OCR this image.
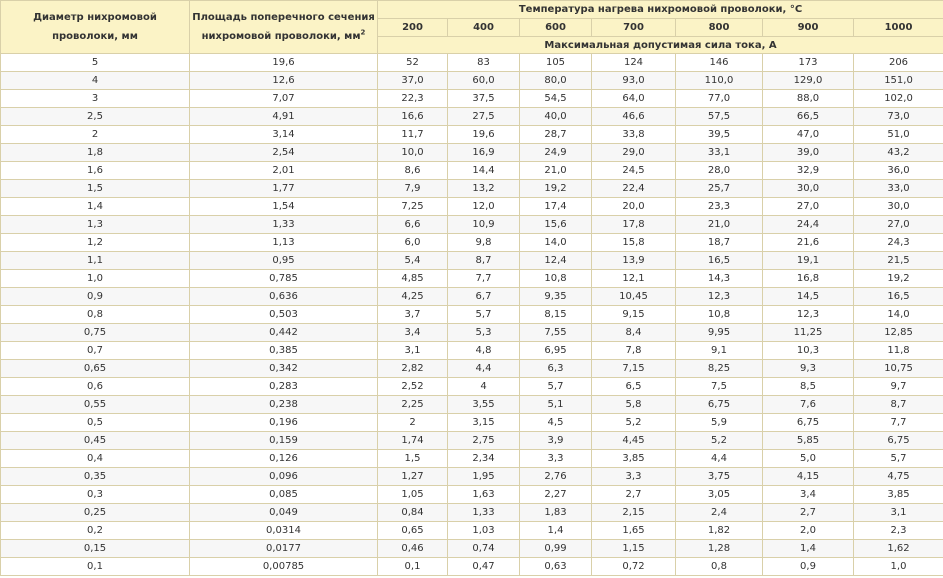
Диаметр нихромовой проволоки, мм	Площадь поперечного сечения нихромовой проволоки, $мм^2$	Температура нагрева нихромовой проволоки, °C						
		200	400	600	700	800	900	1000
		Максимальная допустимая сила тока, А						
5	19,6	52	83	105	124	146	173	206
4	12,6	37,0	60,0	80,0	93,0	110,0	129,0	151,0
3	7,07	22,3	37,5	54,5	64,0	77,0	88,0	102,0
2,5	4,91	16,6	27,5	40,0	46,6	57,5	66,5	73,0
2	3,14	11,7	19,6	28,7	33,8	39,5	47,0	51,0
1,8	2,54	10,0	16,9	24,9	29,0	33,1	39,0	43,2
1,6	2,01	8,6	14,4	21,0	24,5	28,0	32,9	36,0
1,5	1,77	7,9	13,2	19,2	22,4	25,7	30,0	33,0
1,4	1,54	7,25	12,0	17,4	20,0	23,3	27,0	30,0
1,3	1,33	6,6	10,9	15,6	17,8	21,0	24,4	27,0
1,2	1,13	6,0	9,8	14,0	15,8	18,7	21,6	24,3
1,1	0,95	5,4	8,7	12,4	13,9	16,5	19,1	21,5
1,0	0,785	4,85	7,7	10,8	12,1	14,3	16,8	19,2
0,9	0,636	4,25	6,7	9,35	10,45	12,3	14,5	16,5
0,8	0,503	3,7	5,7	8,15	9,15	10,8	12,3	14,0
0,75	0,442	3,4	5,3	7,55	8,4	9,95	11,25	12,85
0,7	0,385	3,1	4,8	6,95	7,8	9,1	10,3	11,8
0,65	0,342	2,82	4,4	6,3	7,15	8,25	9,3	10,75
0,6	0,283	2,52	4	5,7	6,5	7,5	8,5	9,7
0,55	0,238	2,25	3,55	5,1	5,8	6,75	7,6	8,7
0,5	0,196	2	3,15	4,5	5,2	5,9	6,75	7,7
0,45	0,159	1,74	2,75	3,9	4,45	5,2	5,85	6,75
0,4	0,126	1,5	2,34	3,3	3,85	4,4	5,0	5,7
0,35	0,096	1,27	1,95	2,76	3,3	3,75	4,15	4,75
0,3	0,085	1,05	1,63	2,27	2,7	3,05	3,4	3,85
0,25	0,049	0,84	1,33	1,83	2,15	2,4	2,7	3,1
0,2	0,0314	0,65	1,03	1,4	1,65	1,82	2,0	2,3
0,15	0,0177	0,46	0,74	0,99	1,15	1,28	1,4	1,62
0,1	0,00785	0,1	0,47	0,63	0,72	0,8	0,9	1,0
